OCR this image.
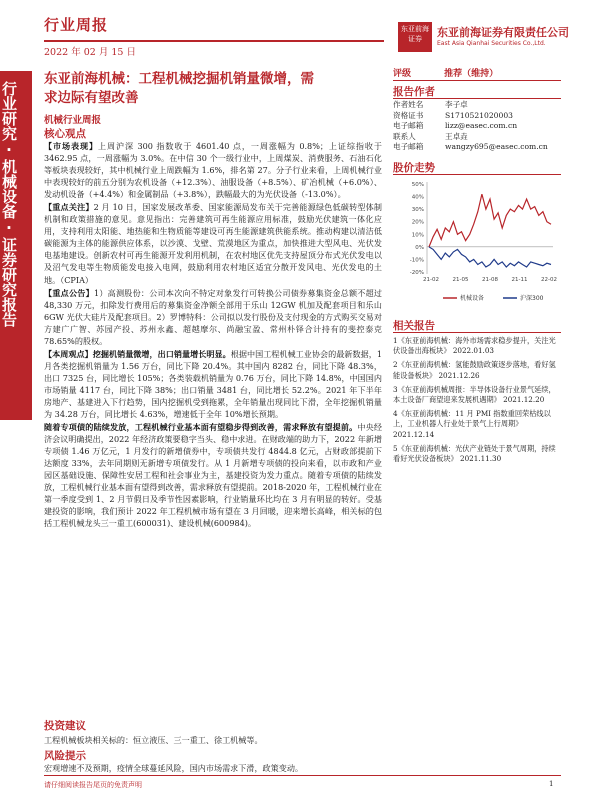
行业周报
2022 年 02 月 15 日
东亚前海证券	东亚前海证券有限责任公司
East Asia Qianhai Securities Co.,Ltd.
行业研究·机械设备·证券研究报告
东亚前海机械：工程机械挖掘机销量微增，需
求边际有望改善
机械行业周报
核心观点

【市场表现】上周沪深 300 指数收于 4601.40 点，一周涨幅为 0.8%；上证综指收于 3462.95 点，一周涨幅为 3.0%。在中信 30 个一级行业中，上周煤炭、消费服务、石油石化等板块表现较好，其中机械行业上周跌幅为 1.6%，排名第 27。分子行业来看，上周机械行业中表现较好的前五分别为农机设备（+12.3%）、油服设备（+8.5%）、矿冶机械（+6.0%）、发动机设备（+4.4%）和金属制品（+3.8%），跌幅最大的为光伏设备（-13.0%）。

【重点关注】2 月 10 日，国家发展改革委、国家能源局发布关于完善能源绿色低碳转型体制机制和政策措施的意见。意见指出：完善建筑可再生能源应用标准，鼓励光伏建筑一体化应用，支持利用太阳能、地热能和生物质能等建设可再生能源建筑供能系统。推动构建以清洁低碳能源为主体的能源供应体系，以沙漠、戈壁、荒漠地区为重点，加快推进大型风电、光伏发电基地建设。创新农村可再生能源开发利用机制，在农村地区优先支持屋顶分布式光伏发电以及沼气发电等生物质能发电接入电网，鼓励利用农村地区适宜分散开发风电、光伏发电的土地。（CPIA）

【重点公告】1）高测股份：公司本次向不特定对象发行可转换公司债券募集资金总额不超过 48,330 万元，扣除发行费用后的募集资金净额全部用于乐山 12GW 机加及配套项目和乐山 6GW 光伏大硅片及配套项目。2）罗博特科：公司拟以发行股份及支付现金的方式购买交易对方建广广智、苏园产投、苏州永鑫、超越摩尔、尚融宝盈、常州朴铎合计持有的斐控泰克 78.65%的股权。

【本周观点】挖掘机销量微增，出口销量增长明显。根据中国工程机械工业协会的最新数据，1 月各类挖掘机销量为 1.56 万台，同比下降 20.4%。其中国内 8282 台，同比下降 48.3%，出口 7325 台，同比增长 105%；各类装载机销量为 0.76 万台，同比下降 14.8%，中国国内市场销量 4117 台，同比下降 38%；出口销量 3481 台，同比增长 52.2%。2021 年下半年房地产、基建进入下行趋势，国内挖掘机受到拖累，全年销量出现同比下滑，全年挖掘机销量为 34.28 万台，同比增长 4.63%，增速低于全年 10%增长预期。

随着专项债的陆续发放，工程机械行业基本面有望稳步得到改善，需求释放有望提前。中央经济会议明确提出，2022 年经济政策要稳字当头、稳中求进。在财政端的助力下，2022 年新增专项债 1.46 万亿元，1 月发行的新增债券中，专项债共发行 4844.8 亿元，占财政部提前下达额度 33%，去年同期则无新增专项债发行。从 1 月新增专项债的投向来看，以市政和产业园区基础设施、保障性安居工程和社会事业为主，基建投资为发力重点。随着专项债的陆续发放，工程机械行业基本面有望得到改善，需求释放有望提前。2018-2020 年，工程机械行业在第一季度受到 1、2 月节假日及季节性因素影响，行业销量环比均在 3 月有明显的转好。受基建投资的影响，我们预计 2022 年工程机械市场有望在 3 月回暖，迎来增长高峰，相关标的包括工程机械龙头三一重工(600031)、建设机械(600984)。

投资建议
工程机械板块相关标的：恒立液压、三一重工、徐工机械等。
风险提示
宏观增速不及预期，疫情全球蔓延风险，国内市场需求下滑，政策变动。
评级	推荐（维持）
报告作者
作者姓名	李子卓
资格证书	S1710521020003
电子邮箱	lizz@easec.com.cn
联系人	王卓垚
电子邮箱	wangzy695@easec.com.cn
股价走势
50%
40%
30%
20%
10%
0%
-10%
-20%
21-02 21-05 21-08 21-11 22-02
机械设备	沪深300
相关报告
1《东亚前海机械：海外市场需求稳步提升，关注光伏设备出海板块》 2022.01.03
2《东亚前海机械：氢能鼓励政策逐步落地，看好氢能设备板块》 2021.12.26
3《东亚前海机械周报：半导体设备行业景气延续，本土设备厂商望迎来发展机遇期》 2021.12.20
4《东亚前海机械：11 月 PMI 指数重回荣枯线以上，工业机器人行业处于景气上行周期》 2021.12.14
5《东亚前海机械：光伏产业链处于景气周期，持续看好光伏设备板块》 2021.11.30
请仔细阅读报告尾页的免责声明	1
